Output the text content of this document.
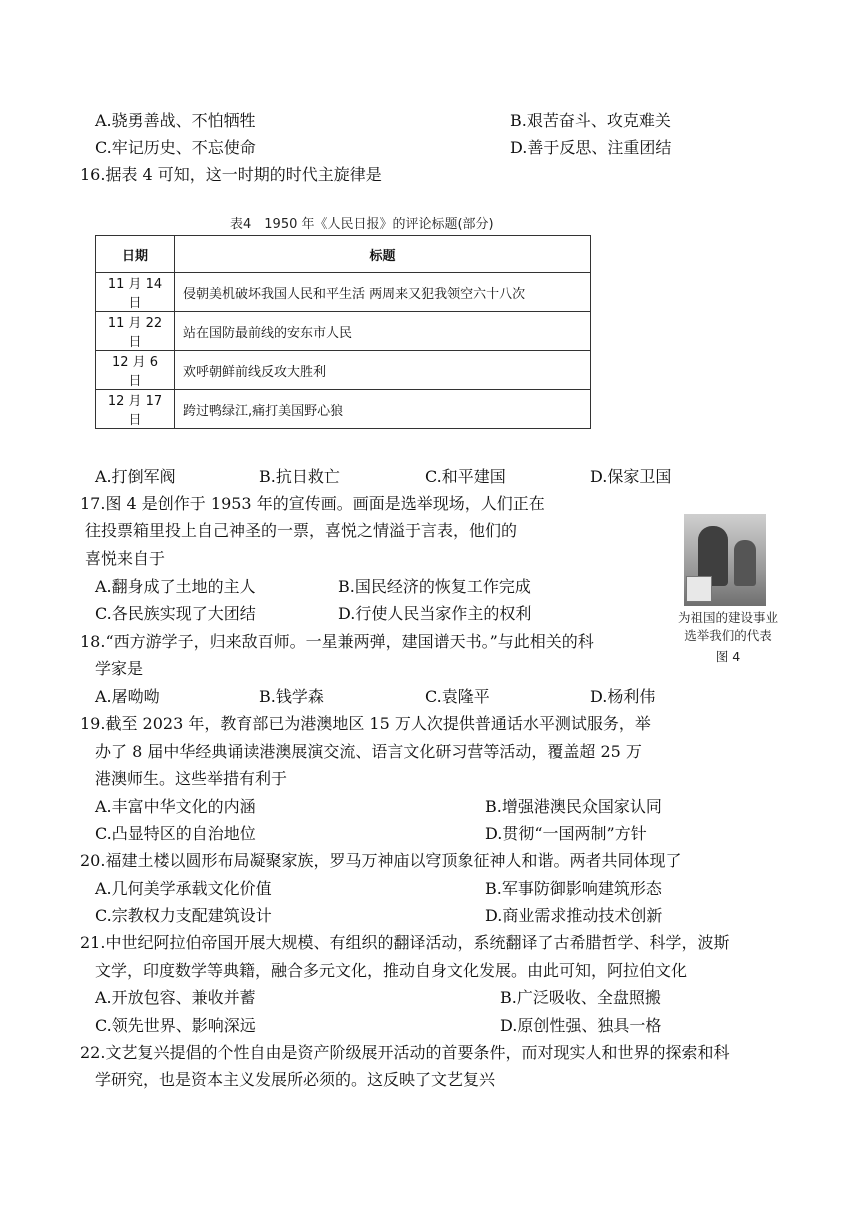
A.骁勇善战、不怕牺牲	B.艰苦奋斗、攻克难关
C.牢记历史、不忘使命	D.善于反思、注重团结
16.据表 4 可知，这一时期的时代主旋律是
表4　1950 年《人民日报》的评论标题(部分)
日期	标题
11 月 14 日	侵朝美机破坏我国人民和平生活 两周来又犯我领空六十八次
11 月 22 日	站在国防最前线的安东市人民
12 月 6 日	欢呼朝鲜前线反攻大胜利
12 月 17 日	跨过鸭绿江,痛打美国野心狼
A.打倒军阀	B.抗日救亡	C.和平建国	D.保家卫国
17.图 4 是创作于 1953 年的宣传画。画面是选举现场，人们正在
往投票箱里投上自己神圣的一票，喜悦之情溢于言表，他们的
喜悦来自于
A.翻身成了土地的主人	B.国民经济的恢复工作完成
C.各民族实现了大团结	D.行使人民当家作主的权利	为祖国的建设事业
选举我们的代表
图 4
18.“西方游学子，归来敌百师。一星兼两弹，建国谱天书。”与此相关的科
学家是
A.屠呦呦	B.钱学森	C.袁隆平	D.杨利伟
19.截至 2023 年，教育部已为港澳地区 15 万人次提供普通话水平测试服务，举
办了 8 届中华经典诵读港澳展演交流、语言文化研习营等活动，覆盖超 25 万
港澳师生。这些举措有利于
A.丰富中华文化的内涵	B.增强港澳民众国家认同
C.凸显特区的自治地位	D.贯彻“一国两制”方针
20.福建土楼以圆形布局凝聚家族，罗马万神庙以穹顶象征神人和谐。两者共同体现了
A.几何美学承载文化价值	B.军事防御影响建筑形态
C.宗教权力支配建筑设计	D.商业需求推动技术创新
21.中世纪阿拉伯帝国开展大规模、有组织的翻译活动，系统翻译了古希腊哲学、科学，波斯
文学，印度数学等典籍，融合多元文化，推动自身文化发展。由此可知，阿拉伯文化
A.开放包容、兼收并蓄	B.广泛吸收、全盘照搬
C.领先世界、影响深远	D.原创性强、独具一格
22.文艺复兴提倡的个性自由是资产阶级展开活动的首要条件，而对现实人和世界的探索和科
学研究，也是资本主义发展所必须的。这反映了文艺复兴
